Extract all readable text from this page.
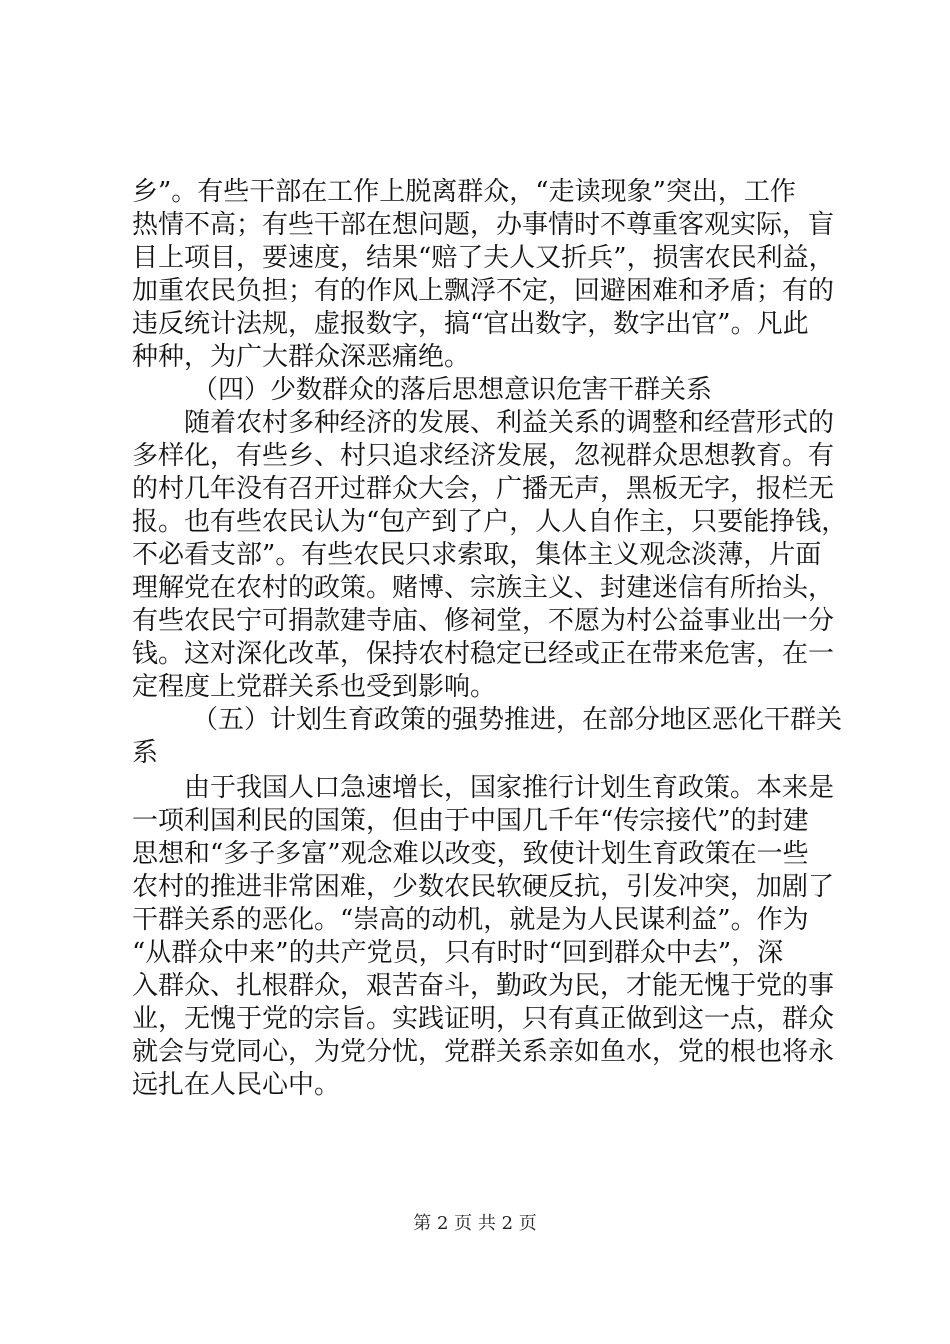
乡”。有些干部在工作上脱离群众，“走读现象”突出，工作
热情不高；有些干部在想问题，办事情时不尊重客观实际，盲
目上项目，要速度，结果“赔了夫人又折兵”，损害农民利益，
加重农民负担；有的作风上飘浮不定，回避困难和矛盾；有的
违反统计法规，虚报数字，搞“官出数字，数字出官”。凡此
种种，为广大群众深恶痛绝。
（四）少数群众的落后思想意识危害干群关系
随着农村多种经济的发展、利益关系的调整和经营形式的
多样化，有些乡、村只追求经济发展，忽视群众思想教育。有
的村几年没有召开过群众大会，广播无声，黑板无字，报栏无
报。也有些农民认为“包产到了户，人人自作主，只要能挣钱，
不必看支部”。有些农民只求索取，集体主义观念淡薄，片面
理解党在农村的政策。赌博、宗族主义、封建迷信有所抬头，
有些农民宁可捐款建寺庙、修祠堂，不愿为村公益事业出一分
钱。这对深化改革，保持农村稳定已经或正在带来危害，在一
定程度上党群关系也受到影响。
（五）计划生育政策的强势推进，在部分地区恶化干群关
系
由于我国人口急速增长，国家推行计划生育政策。本来是
一项利国利民的国策，但由于中国几千年“传宗接代”的封建
思想和“多子多富”观念难以改变，致使计划生育政策在一些
农村的推进非常困难，少数农民软硬反抗，引发冲突，加剧了
干群关系的恶化。“崇高的动机，就是为人民谋利益”。作为
“从群众中来”的共产党员，只有时时“回到群众中去”，深
入群众、扎根群众，艰苦奋斗，勤政为民，才能无愧于党的事
业，无愧于党的宗旨。实践证明，只有真正做到这一点，群众
就会与党同心，为党分忧，党群关系亲如鱼水，党的根也将永
远扎在人民心中。
第 2 页 共 2 页
